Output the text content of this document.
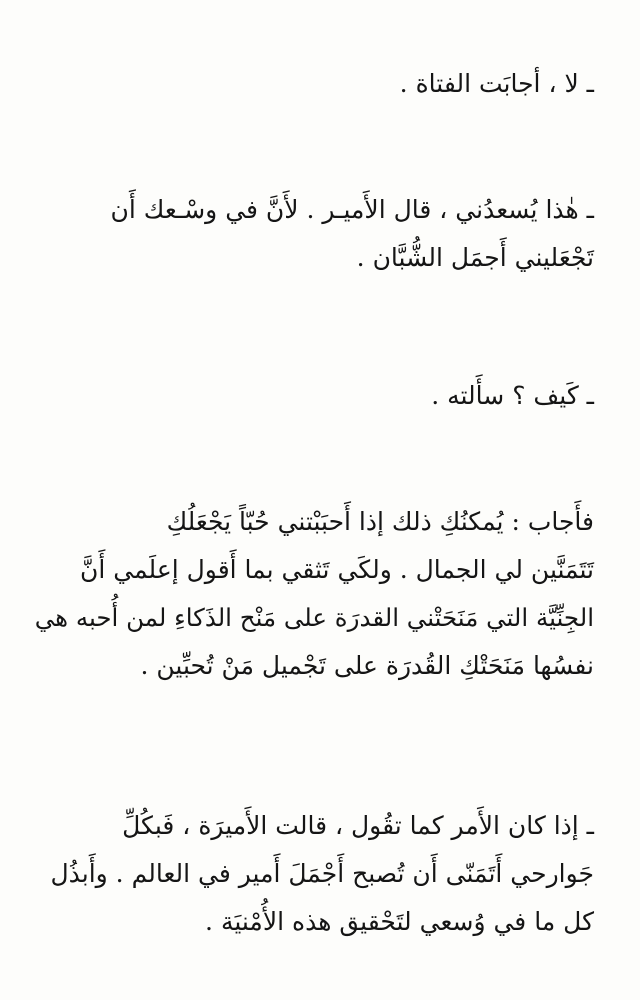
ـ لا ، أجابَت الفتاة .

ـ هٰذا يُسعدُني ، قال الأَميـر . لأَنَّ في وسْـعك أَن
تَجْعَليني أَجمَل الشُّبَّان .

ـ كَيف ؟ سأَلته .

فأَجاب : يُمكنُكِ ذلك إذا أَحبَبْتني حُبّاً يَجْعَلُكِ
تَتَمَنَّين لي الجمال . ولكَي تَثقي بما أَقول إعلَمي أَنَّ
الجِنِّيَّة التي مَنَحَتْني القدرَة على مَنْح الذَكاءِ لمن أُحبه هي
نفسُها مَنَحَتْكِ القُدرَة على تَجْميل مَنْ تُحبِّين .

ـ إذا كان الأَمر كما تقُول ، قالت الأَميرَة ، فَبكُلِّ
جَوارحي أَتَمَنّى أَن تُصبح أَجْمَلَ أَمير في العالم . وأَبذُل
كل ما في وُسعي لتَحْقيق هذه الأُمْنيَة .
